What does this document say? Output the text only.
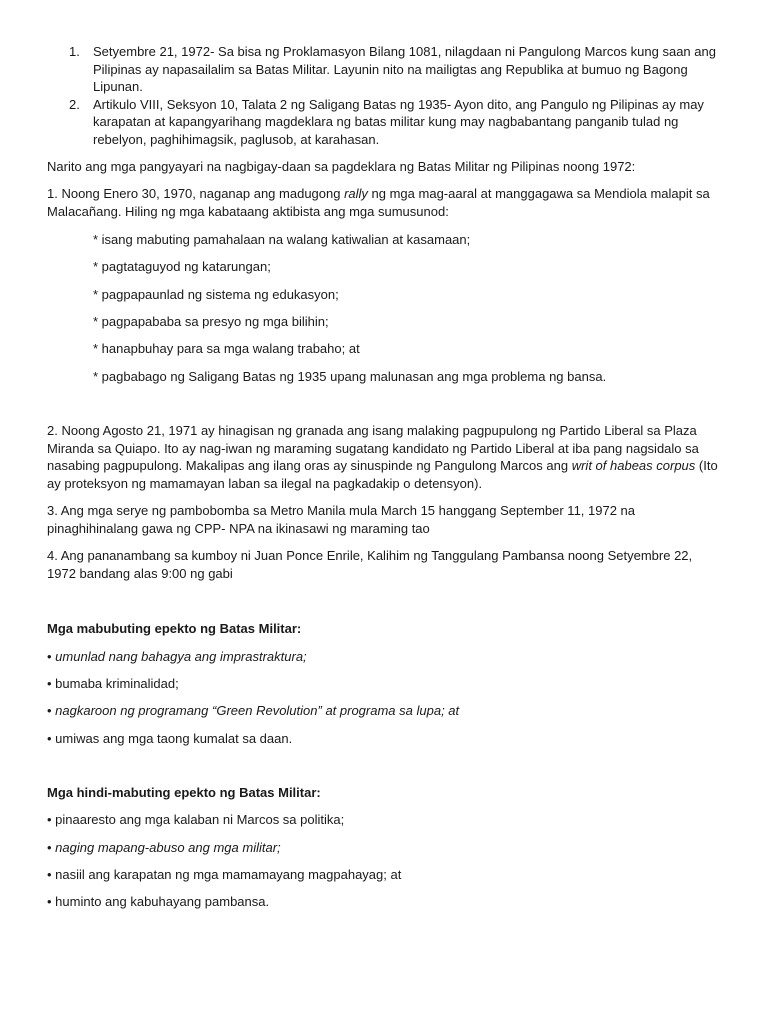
1. Setyembre 21, 1972- Sa bisa ng Proklamasyon Bilang 1081, nilagdaan ni Pangulong Marcos kung saan ang Pilipinas ay napasailalim sa Batas Militar. Layunin nito na mailigtas ang Republika at bumuo ng Bagong Lipunan.
2. Artikulo VIII, Seksyon 10, Talata 2 ng Saligang Batas ng 1935- Ayon dito, ang Pangulo ng Pilipinas ay may karapatan at kapangyarihang magdeklara ng batas militar kung may nagbabantang panganib tulad ng rebelyon, paghihimagsik, paglusob, at karahasan.

Narito ang mga pangyayari na nagbigay-daan sa pagdeklara ng Batas Militar ng Pilipinas noong 1972:

1. Noong Enero 30, 1970, naganap ang madugong rally ng mga mag-aaral at manggagawa sa Mendiola malapit sa Malacañang. Hiling ng mga kabataang aktibista ang mga sumusunod:

* isang mabuting pamahalaan na walang katiwalian at kasamaan;

* pagtataguyod ng katarungan;

* pagpapaunlad ng sistema ng edukasyon;

* pagpapababa sa presyo ng mga bilihin;

* hanapbuhay para sa mga walang trabaho; at

* pagbabago ng Saligang Batas ng 1935 upang malunasan ang mga problema ng bansa.

2. Noong Agosto 21, 1971 ay hinagisan ng granada ang isang malaking pagpupulong ng Partido Liberal sa Plaza Miranda sa Quiapo. Ito ay nag-iwan ng maraming sugatang kandidato ng Partido Liberal at iba pang nagsidalo sa nasabing pagpupulong. Makalipas ang ilang oras ay sinuspinde ng Pangulong Marcos ang writ of habeas corpus (Ito ay proteksyon ng mamamayan laban sa ilegal na pagkadakip o detensyon).

3. Ang mga serye ng pambobomba sa Metro Manila mula March 15 hanggang September 11, 1972 na pinaghihinalang gawa ng CPP- NPA na ikinasawi ng maraming tao

4. Ang pananambang sa kumboy ni Juan Ponce Enrile, Kalihim ng Tanggulang Pambansa noong Setyembre 22, 1972 bandang alas 9:00 ng gabi

Mga mabubuting epekto ng Batas Militar:

• umunlad nang bahagya ang imprastraktura;

• bumaba kriminalidad;

• nagkaroon ng programang “Green Revolution” at programa sa lupa; at

• umiwas ang mga taong kumalat sa daan.

Mga hindi-mabuting epekto ng Batas Militar:

• pinaaresto ang mga kalaban ni Marcos sa politika;

• naging mapang-abuso ang mga militar;

• nasiil ang karapatan ng mga mamamayang magpahayag; at

• huminto ang kabuhayang pambansa.
